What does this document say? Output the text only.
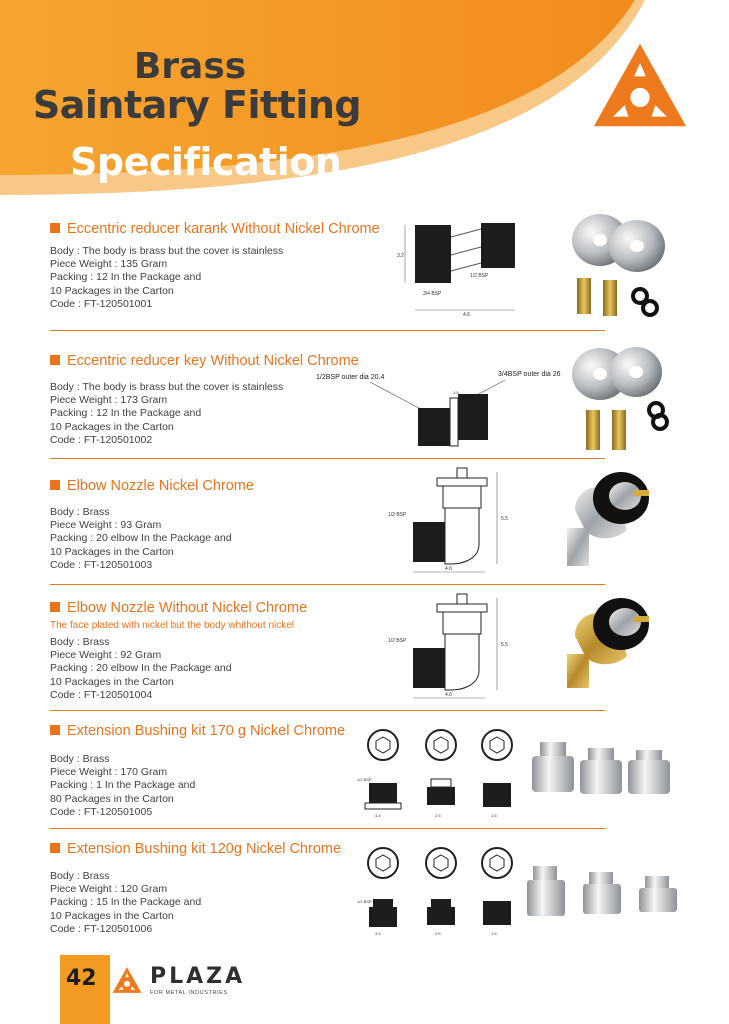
Brass
Saintary Fitting
Specification
Eccentric reducer karank Without Nickel Chrome
Body : The body is brass but the cover is stainless
Piece Weight : 135 Gram
Packing : 12 In the Package and
10 Packages in the Carton
Code : FT-120501001
3.2
1/2 BSP
3/4 BSP
4.6
Eccentric reducer key Without Nickel Chrome
Body : The body is brass but the cover is stainless
Piece Weight : 173 Gram
Packing : 12 In the Package and
10 Packages in the Carton
Code : FT-120501002
1/2BSP outer dia 20.4	3/4BSP outer dia 26
1.5
Elbow Nozzle Nickel Chrome
Body : Brass
Piece Weight : 93 Gram
Packing : 20 elbow In the Package and
10 Packages in the Carton
Code : FT-120501003
1/2 BSP
5.5
4.6
Elbow Nozzle Without Nickel Chrome
The face plated with nickel but the body whithout nickel
Body : Brass
Piece Weight : 92 Gram
Packing : 20 elbow In the Package and
10 Packages in the Carton
Code : FT-120501004
1/2 BSP
5.5
4.6
Extension Bushing kit 170 g Nickel Chrome
Body : Brass
Piece Weight : 170 Gram
Packing : 1 In the Package and
80 Packages in the Carton
Code : FT-120501005
1/2 BSP
3.4	2.5	1.5
Extension Bushing kit 120g Nickel Chrome
Body : Brass
Piece Weight : 120 Gram
Packing : 15 In the Package and
10 Packages in the Carton
Code : FT-120501006
1/2 BSP
3.4	2.5	1.5
42 PLAZA
FOR METAL INDUSTRIES
